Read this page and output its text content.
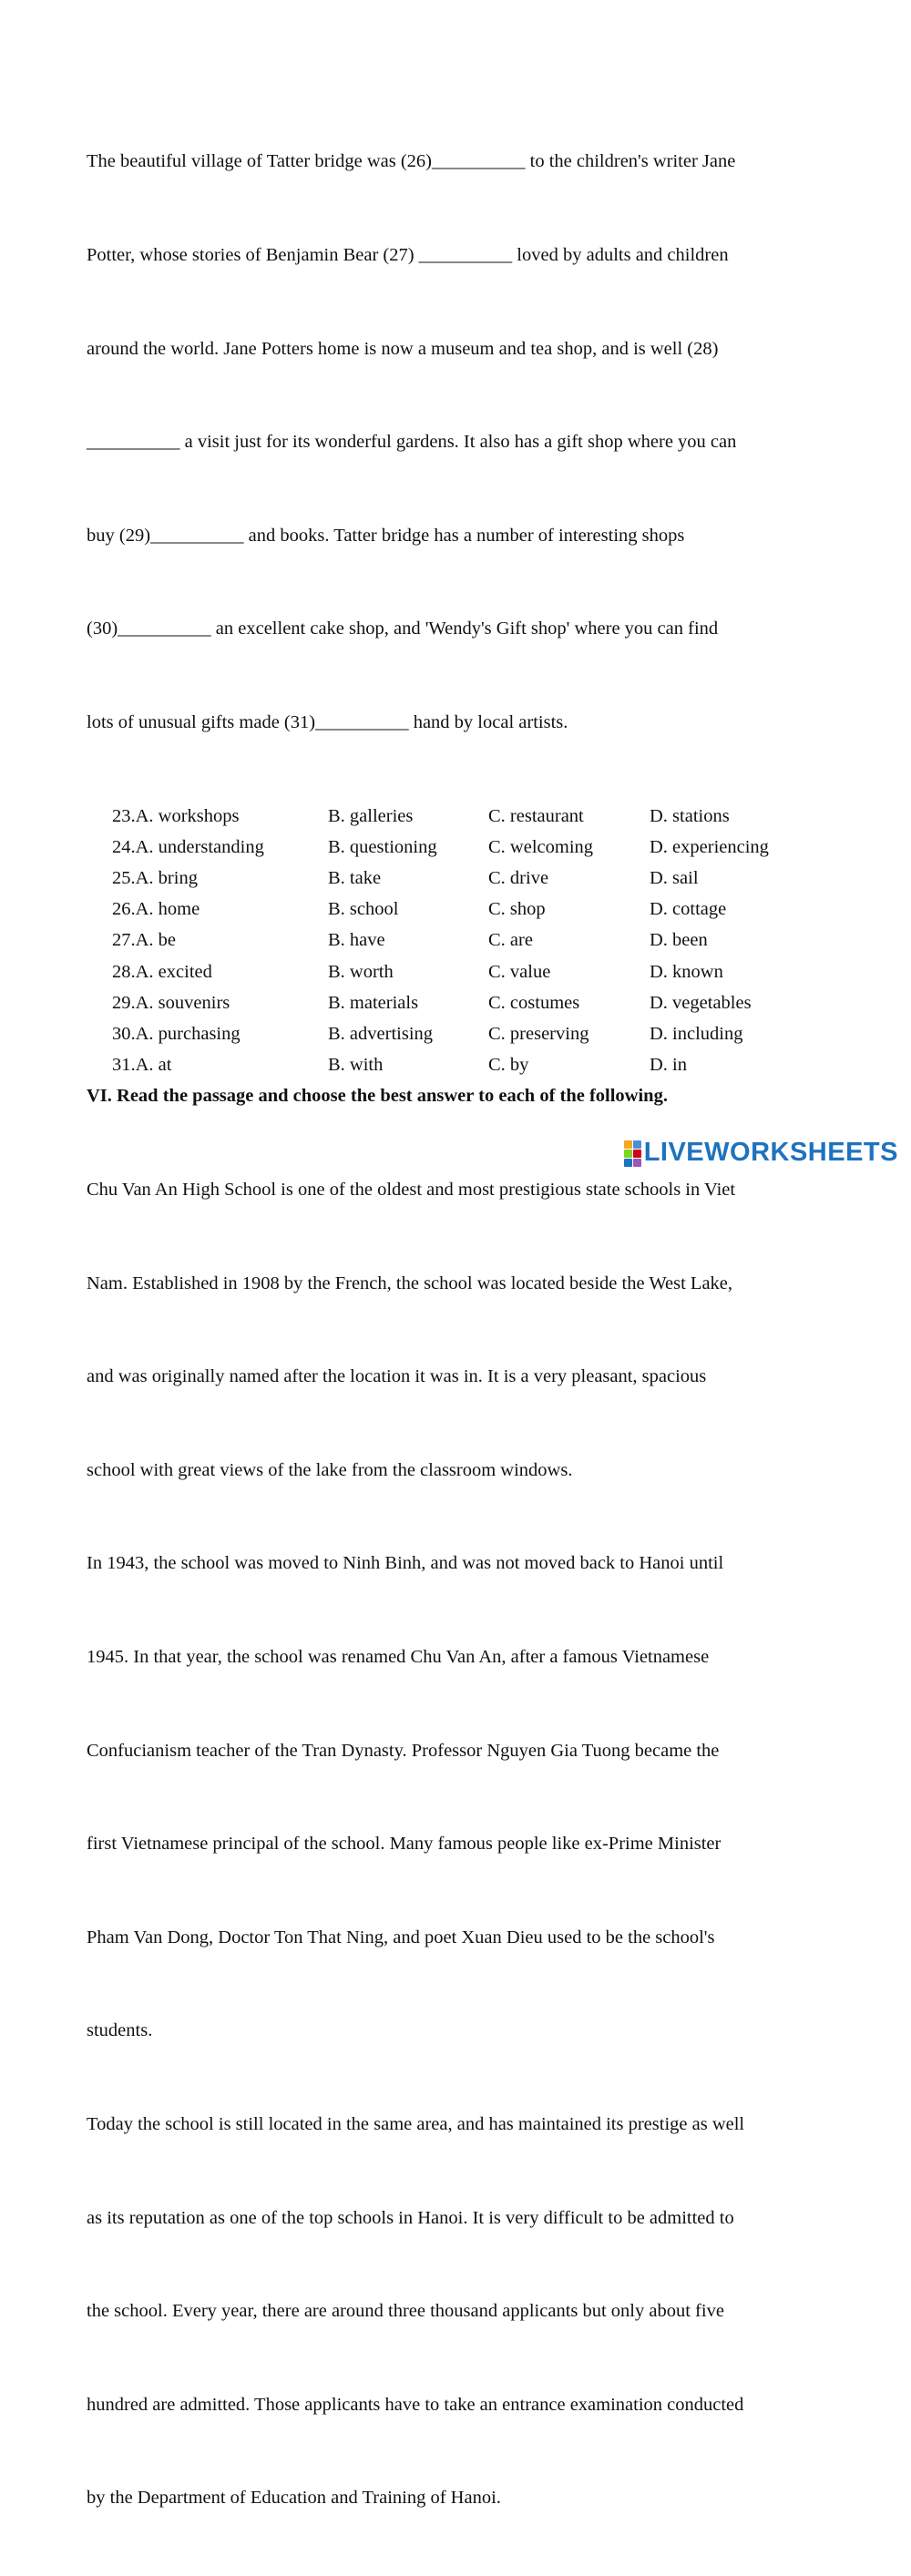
The beautiful village of Tatter bridge was (26)__________ to the children's writer Jane

Potter, whose stories of Benjamin Bear (27) __________ loved by adults and children

around the world. Jane Potters home is now a museum and tea shop, and is well (28)

__________ a visit just for its wonderful gardens. It also has a gift shop where you can

buy (29)__________ and books. Tatter bridge has a number of interesting shops

(30)__________ an excellent cake shop, and 'Wendy's Gift shop' where you can find

lots of unusual gifts made (31)__________ hand by local artists.

23.A. workshops	B. galleries	C. restaurant	D. stations
24.A. understanding	B. questioning	C. welcoming	D. experiencing
25.A. bring	B. take	C. drive	D. sail
26.A. home	B. school	C. shop	D. cottage
27.A. be	B. have	C. are	D. been
28.A. excited	B. worth	C. value	D. known
29.A. souvenirs	B. materials	C. costumes	D. vegetables
30.A. purchasing	B. advertising	C. preserving	D. including
31.A. at	B. with	C. by	D. in
VI. Read the passage and choose the best answer to each of the following.

Chu Van An High School is one of the oldest and most prestigious state schools in Viet

Nam. Established in 1908 by the French, the school was located beside the West Lake,

and was originally named after the location it was in. It is a very pleasant, spacious

school with great views of the lake from the classroom windows.

In 1943, the school was moved to Ninh Binh, and was not moved back to Hanoi until

1945. In that year, the school was renamed Chu Van An, after a famous Vietnamese

Confucianism teacher of the Tran Dynasty. Professor Nguyen Gia Tuong became the

first Vietnamese principal of the school. Many famous people like ex-Prime Minister

Pham Van Dong, Doctor Ton That Ning, and poet Xuan Dieu used to be the school's

students.

Today the school is still located in the same area, and has maintained its prestige as well

as its reputation as one of the top schools in Hanoi. It is very difficult to be admitted to

the school. Every year, there are around three thousand applicants but only about five

hundred are admitted. Those applicants have to take an entrance examination conducted

by the Department of Education and Training of Hanoi.

LIVEWORKSHEETS
